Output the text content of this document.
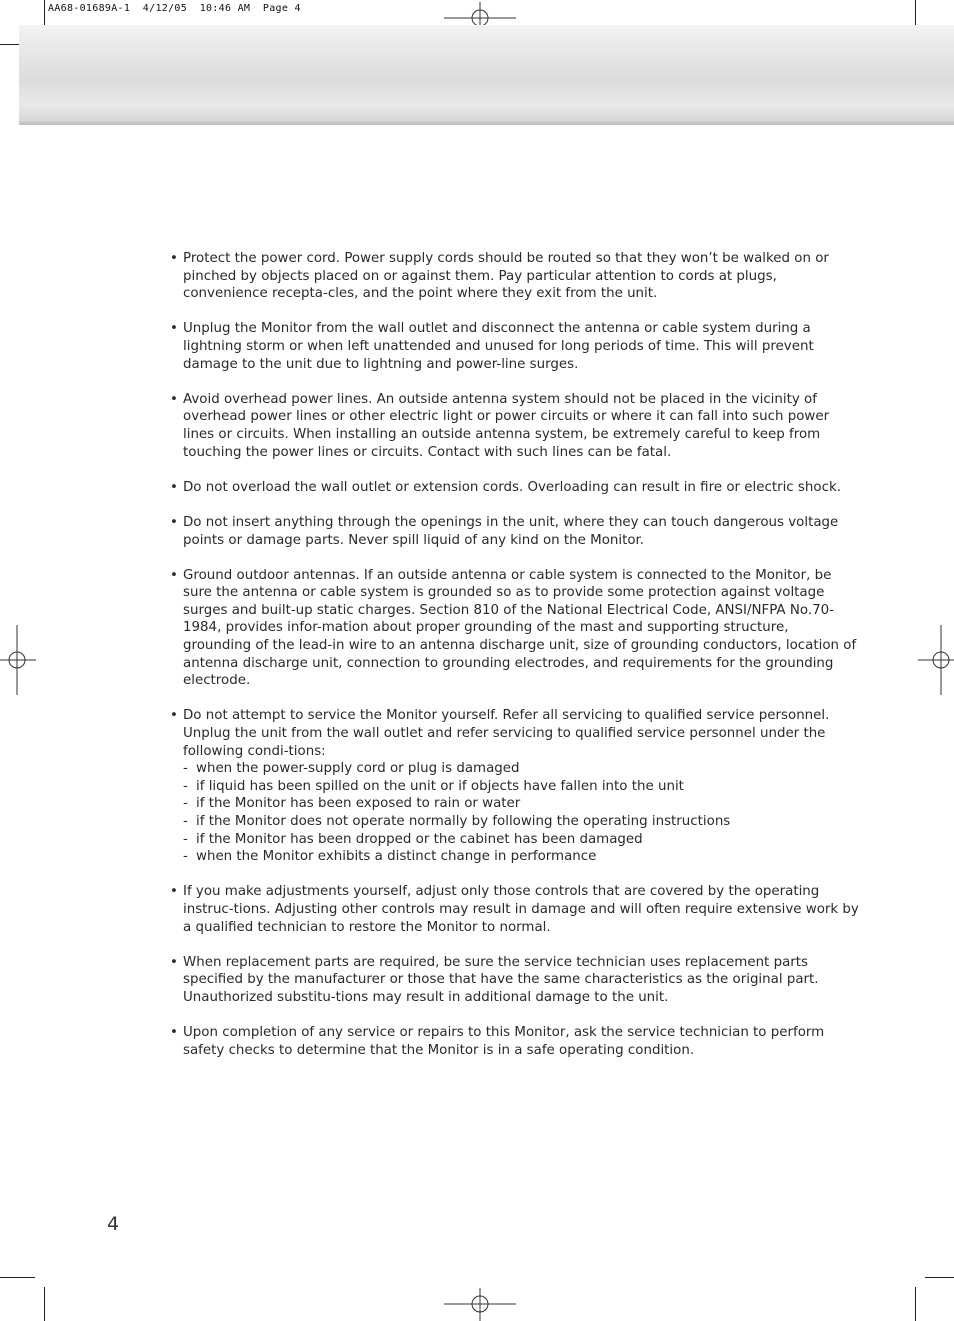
AA68-01689A-1  4/12/05  10:46 AM  Page 4
• Protect the power cord. Power supply cords should be routed so that they won’t be walked on or pinched by objects placed on or against them. Pay particular attention to cords at plugs, convenience recepta-cles, and the point where they exit from the unit.
• Unplug the Monitor from the wall outlet and disconnect the antenna or cable system during a lightning storm or when left unattended and unused for long periods of time. This will prevent damage to the unit due to lightning and power-line surges.
• Avoid overhead power lines. An outside antenna system should not be placed in the vicinity of overhead power lines or other electric light or power circuits or where it can fall into such power lines or circuits. When installing an outside antenna system, be extremely careful to keep from touching the power lines or circuits. Contact with such lines can be fatal.
• Do not overload the wall outlet or extension cords. Overloading can result in fire or electric shock.
• Do not insert anything through the openings in the unit, where they can touch dangerous voltage points or damage parts. Never spill liquid of any kind on the Monitor.
• Ground outdoor antennas. If an outside antenna or cable system is connected to the Monitor, be sure the antenna or cable system is grounded so as to provide some protection against voltage surges and built-up static charges. Section 810 of the National Electrical Code, ANSI/NFPA No.70-1984, provides infor-mation about proper grounding of the mast and supporting structure, grounding of the lead-in wire to an antenna discharge unit, size of grounding conductors, location of antenna discharge unit, connection to grounding electrodes, and requirements for the grounding electrode.
• Do not attempt to service the Monitor yourself. Refer all servicing to qualified service personnel. Unplug the unit from the wall outlet and refer servicing to qualified service personnel under the following condi-tions:
- when the power-supply cord or plug is damaged
- if liquid has been spilled on the unit or if objects have fallen into the unit
- if the Monitor has been exposed to rain or water
- if the Monitor does not operate normally by following the operating instructions
- if the Monitor has been dropped or the cabinet has been damaged
- when the Monitor exhibits a distinct change in performance
• If you make adjustments yourself, adjust only those controls that are covered by the operating instruc-tions. Adjusting other controls may result in damage and will often require extensive work by a qualified technician to restore the Monitor to normal.
• When replacement parts are required, be sure the service technician uses replacement parts specified by the manufacturer or those that have the same characteristics as the original part. Unauthorized substitu-tions may result in additional damage to the unit.
• Upon completion of any service or repairs to this Monitor, ask the service technician to perform safety checks to determine that the Monitor is in a safe operating condition.
4
